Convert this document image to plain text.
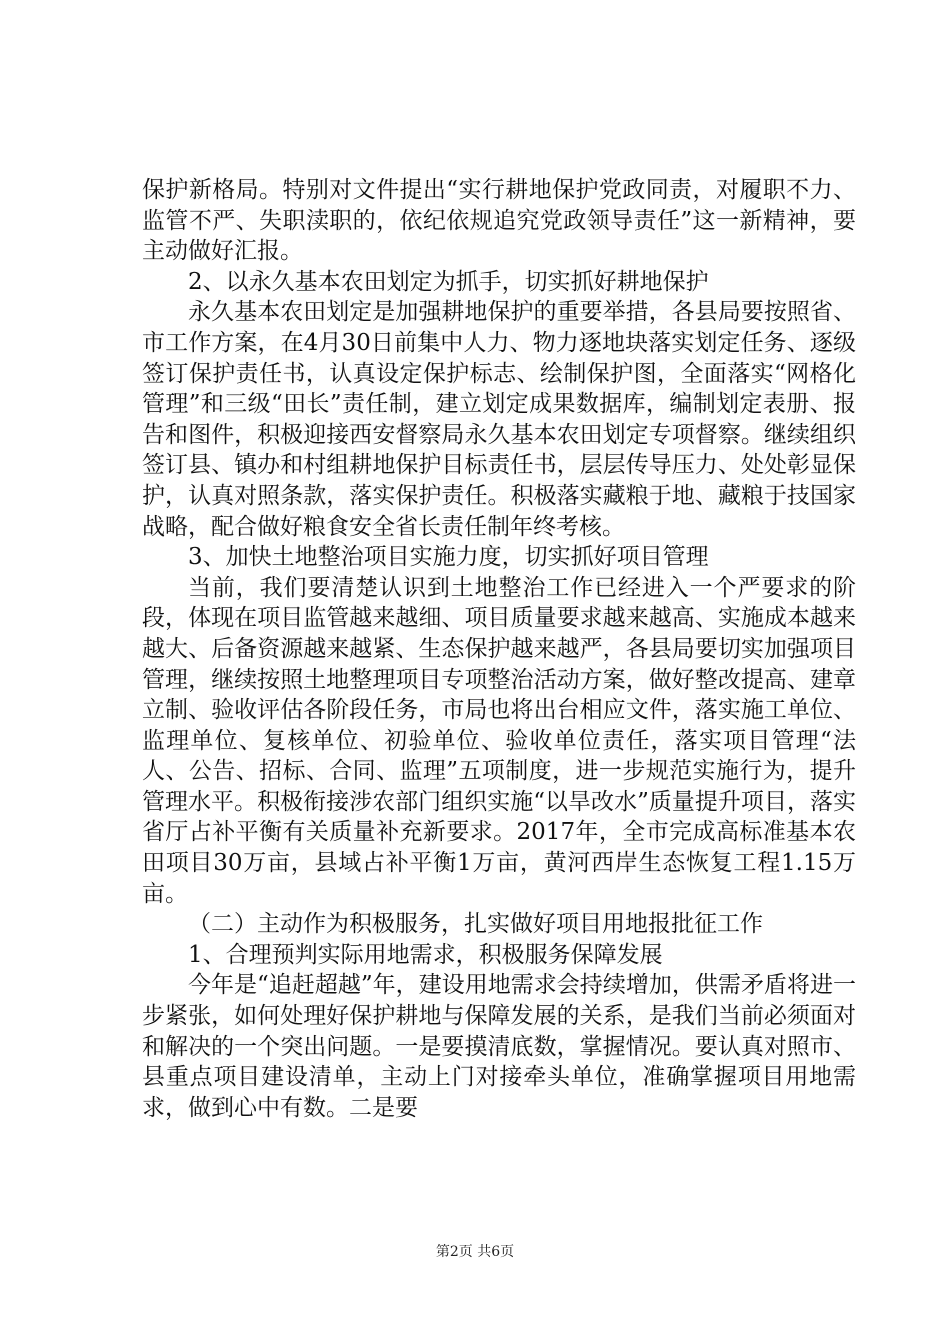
保护新格局。特别对文件提出“实行耕地保护党政同责，对履职不力、监管不严、失职渎职的，依纪依规追究党政领导责任”这一新精神，要主动做好汇报。

2、以永久基本农田划定为抓手，切实抓好耕地保护

永久基本农田划定是加强耕地保护的重要举措，各县局要按照省、市工作方案，在4月30日前集中人力、物力逐地块落实划定任务、逐级签订保护责任书，认真设定保护标志、绘制保护图，全面落实“网格化管理”和三级“田长”责任制，建立划定成果数据库，编制划定表册、报告和图件，积极迎接西安督察局永久基本农田划定专项督察。继续组织签订县、镇办和村组耕地保护目标责任书，层层传导压力、处处彰显保护，认真对照条款，落实保护责任。积极落实藏粮于地、藏粮于技国家战略，配合做好粮食安全省长责任制年终考核。

3、加快土地整治项目实施力度，切实抓好项目管理

当前，我们要清楚认识到土地整治工作已经进入一个严要求的阶段，体现在项目监管越来越细、项目质量要求越来越高、实施成本越来越大、后备资源越来越紧、生态保护越来越严，各县局要切实加强项目管理，继续按照土地整理项目专项整治活动方案，做好整改提高、建章立制、验收评估各阶段任务，市局也将出台相应文件，落实施工单位、监理单位、复核单位、初验单位、验收单位责任，落实项目管理“法人、公告、招标、合同、监理”五项制度，进一步规范实施行为，提升管理水平。积极衔接涉农部门组织实施“以旱改水”质量提升项目，落实省厅占补平衡有关质量补充新要求。2017年，全市完成高标准基本农田项目30万亩，县域占补平衡1万亩，黄河西岸生态恢复工程1.15万亩。

（二）主动作为积极服务，扎实做好项目用地报批征工作

1、合理预判实际用地需求，积极服务保障发展

今年是“追赶超越”年，建设用地需求会持续增加，供需矛盾将进一步紧张，如何处理好保护耕地与保障发展的关系，是我们当前必须面对和解决的一个突出问题。一是要摸清底数，掌握情况。要认真对照市、县重点项目建设清单，主动上门对接牵头单位，准确掌握项目用地需求，做到心中有数。二是要

第2页 共6页
